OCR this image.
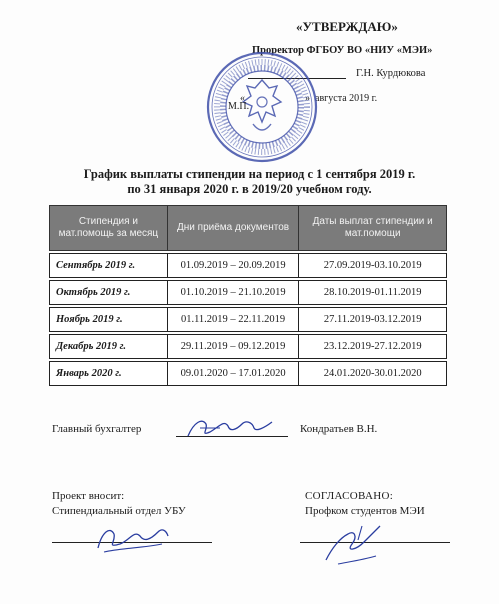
«УТВЕРЖДАЮ»
Проректор ФГБОУ ВО «НИУ «МЭИ»
Г.Н. Курдюкова
«	» августа 2019 г.
М.П.
График выплаты стипендии на период с 1 сентября 2019 г.
по 31 января 2020 г. в 2019/20 учебном году.
Стипендия и мат.помощь за месяц	Дни приёма документов	Даты выплат стипендии и мат.помощи

Сентябрь 2019 г.	01.09.2019 – 20.09.2019	27.09.2019-03.10.2019

Октябрь 2019 г.	01.10.2019 – 21.10.2019	28.10.2019-01.11.2019

Ноябрь 2019 г.	01.11.2019 – 22.11.2019	27.11.2019-03.12.2019

Декабрь 2019 г.	29.11.2019 – 09.12.2019	23.12.2019-27.12.2019

Январь 2020 г.	09.01.2020 – 17.01.2020	24.01.2020-30.01.2020
Главный бухгалтер	Кондратьев В.Н.
Проект вносит:
Стипендиальный отдел УБУ
СОГЛАСОВАНО:
Профком студентов МЭИ
